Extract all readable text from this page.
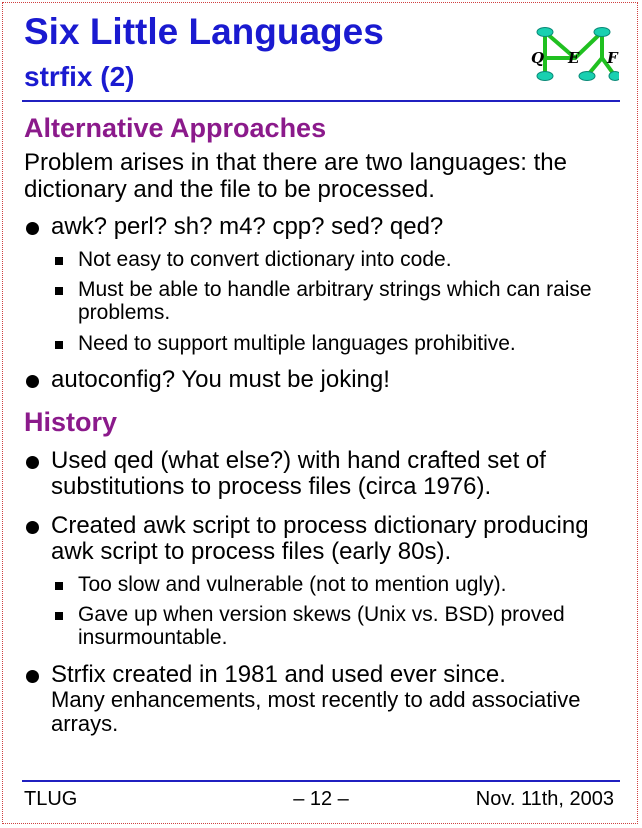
Six Little Languages
strfix (2)
Q E F
Alternative Approaches
Problem arises in that there are two languages: the dictionary and the file to be processed.
awk? perl? sh? m4? cpp? sed? qed?
Not easy to convert dictionary into code.
Must be able to handle arbitrary strings which can raise problems.
Need to support multiple languages prohibitive.
autoconfig? You must be joking!
History
Used qed (what else?) with hand crafted set of substitutions to process files (circa 1976).
Created awk script to process dictionary producing awk script to process files (early 80s).
Too slow and vulnerable (not to mention ugly).
Gave up when version skews (Unix vs. BSD) proved insurmountable.
Strfix created in 1981 and used ever since.
Many enhancements, most recently to add associative arrays.
TLUG	– 12 –	Nov. 11th, 2003
